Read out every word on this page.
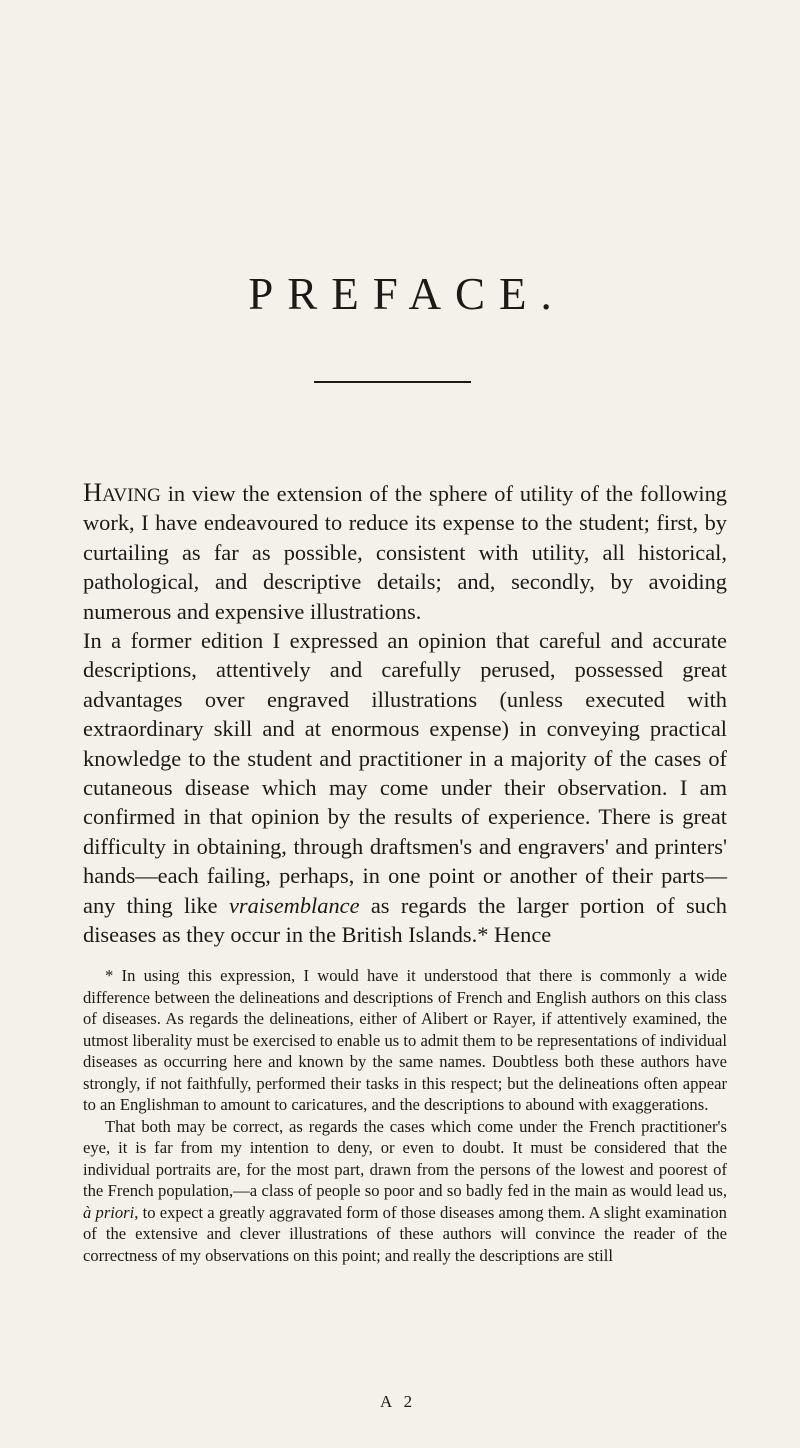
PREFACE.

Having in view the extension of the sphere of utility of the following work, I have endeavoured to reduce its expense to the student; first, by curtailing as far as possible, consistent with utility, all historical, pathological, and descriptive details; and, secondly, by avoiding numerous and expensive illustrations.

In a former edition I expressed an opinion that careful and accurate descriptions, attentively and carefully perused, possessed great advantages over engraved illustrations (unless executed with extraordinary skill and at enormous expense) in conveying practical knowledge to the student and practitioner in a majority of the cases of cutaneous disease which may come under their observation. I am confirmed in that opinion by the results of experience. There is great difficulty in obtaining, through draftsmen's and engravers' and printers' hands—each failing, perhaps, in one point or another of their parts—any thing like vraisemblance as regards the larger portion of such diseases as they occur in the British Islands.* Hence

* In using this expression, I would have it understood that there is commonly a wide difference between the delineations and descriptions of French and English authors on this class of diseases. As regards the delineations, either of Alibert or Rayer, if attentively examined, the utmost liberality must be exercised to enable us to admit them to be representations of individual diseases as occurring here and known by the same names. Doubtless both these authors have strongly, if not faithfully, performed their tasks in this respect; but the delineations often appear to an Englishman to amount to caricatures, and the descriptions to abound with exaggerations.

That both may be correct, as regards the cases which come under the French practitioner's eye, it is far from my intention to deny, or even to doubt. It must be considered that the individual portraits are, for the most part, drawn from the persons of the lowest and poorest of the French population,—a class of people so poor and so badly fed in the main as would lead us, à priori, to expect a greatly aggravated form of those diseases among them. A slight examination of the extensive and clever illustrations of these authors will convince the reader of the correctness of my observations on this point; and really the descriptions are still

A 2
